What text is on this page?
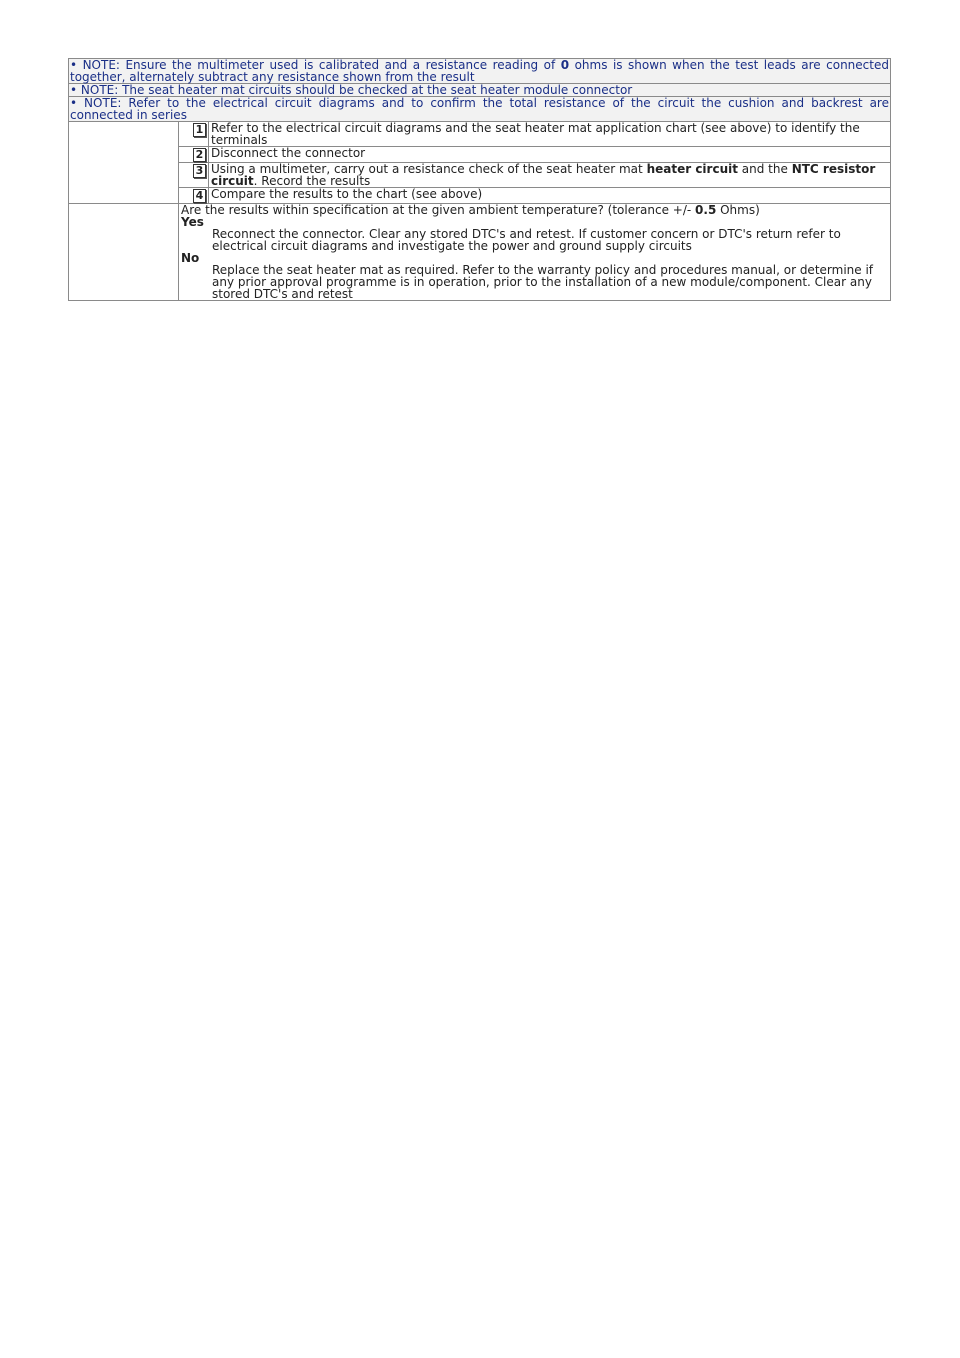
• NOTE: Ensure the multimeter used is calibrated and a resistance reading of 0 ohms is shown when the test leads are connected together, alternately subtract any resistance shown from the result		
• NOTE: The seat heater mat circuits should be checked at the seat heater module connector		
• NOTE: Refer to the electrical circuit diagrams and to confirm the total resistance of the circuit the cushion and backrest are connected in series		
	1	Refer to the electrical circuit diagrams and the seat heater mat application chart (see above) to identify the terminals
	2	Disconnect the connector
	3	Using a multimeter, carry out a resistance check of the seat heater mat heater circuit and the NTC resistor circuit. Record the results
	4	Compare the results to the chart (see above)

	Are the results within specification at the given ambient temperature? (tolerance +/- 0.5 Ohms)
Yes
Reconnect the connector. Clear any stored DTC's and retest. If customer concern or DTC's return refer to electrical circuit diagrams and investigate the power and ground supply circuits
No
Replace the seat heater mat as required. Refer to the warranty policy and procedures manual, or determine if any prior approval programme is in operation, prior to the installation of a new module/component. Clear any stored DTC's and retest	
